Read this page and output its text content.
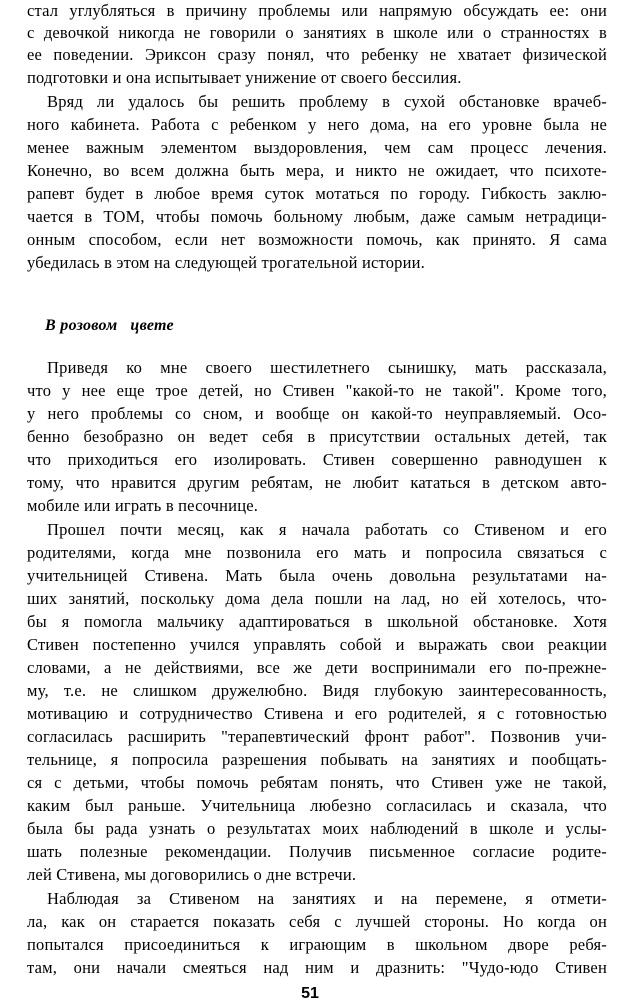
стал углубляться в причину проблемы или напрямую обсуждать ее: они
с девочкой никогда не говорили о занятиях в школе или о странностях в
ее поведении. Эриксон сразу понял, что ребенку не хватает физической
подготовки и она испытывает унижение от своего бессилия.
Вряд ли удалось бы решить проблему в сухой обстановке врачеб-
ного кабинета. Работа с ребенком у него дома, на его уровне была не
менее важным элементом выздоровления, чем сам процесс лечения.
Конечно, во всем должна быть мера, и никто не ожидает, что психоте-
рапевт будет в любое время суток мотаться по городу. Гибкость заклю-
чается в ТОМ, чтобы помочь больному любым, даже самым нетрадици-
онным способом, если нет возможности помочь, как принято. Я сама
убедилась в этом на следующей трогательной истории.
В розовом   цвете
Приведя ко мне своего шестилетнего сынишку, мать рассказала,
что у нее еще трое детей, но Стивен "какой-то не такой". Кроме того,
у него проблемы со сном, и вообще он какой-то неуправляемый. Осо-
бенно безобразно он ведет себя в присутствии остальных детей, так
что приходиться его изолировать. Стивен совершенно равнодушен к
тому, что нравится другим ребятам, не любит кататься в детском авто-
мобиле или играть в песочнице.
Прошел почти месяц, как я начала работать со Стивеном и его
родителями, когда мне позвонила его мать и попросила связаться с
учительницей Стивена. Мать была очень довольна результатами на-
ших занятий, поскольку дома дела пошли на лад, но ей хотелось, что-
бы я помогла мальчику адаптироваться в школьной обстановке. Хотя
Стивен постепенно учился управлять собой и выражать свои реакции
словами, а не действиями, все же дети воспринимали его по-прежне-
му, т.е. не слишком дружелюбно. Видя глубокую заинтересованность,
мотивацию и сотрудничество Стивена и его родителей, я с готовностью
согласилась расширить "терапевтический фронт работ". Позвонив учи-
тельнице, я попросила разрешения побывать на занятиях и пообщать-
ся с детьми, чтобы помочь ребятам понять, что Стивен уже не такой,
каким был раньше. Учительница любезно согласилась и сказала, что
была бы рада узнать о результатах моих наблюдений в школе и услы-
шать полезные рекомендации. Получив письменное согласие родите-
лей Стивена, мы договорились о дне встречи.
Наблюдая за Стивеном на занятиях и на перемене, я отмети-
ла, как он старается показать себя с лучшей стороны. Но когда он
попытался присоединиться к играющим в школьном дворе ребя-
там, они начали смеяться над ним и дразнить: "Чудо-юдо Стивен
51
